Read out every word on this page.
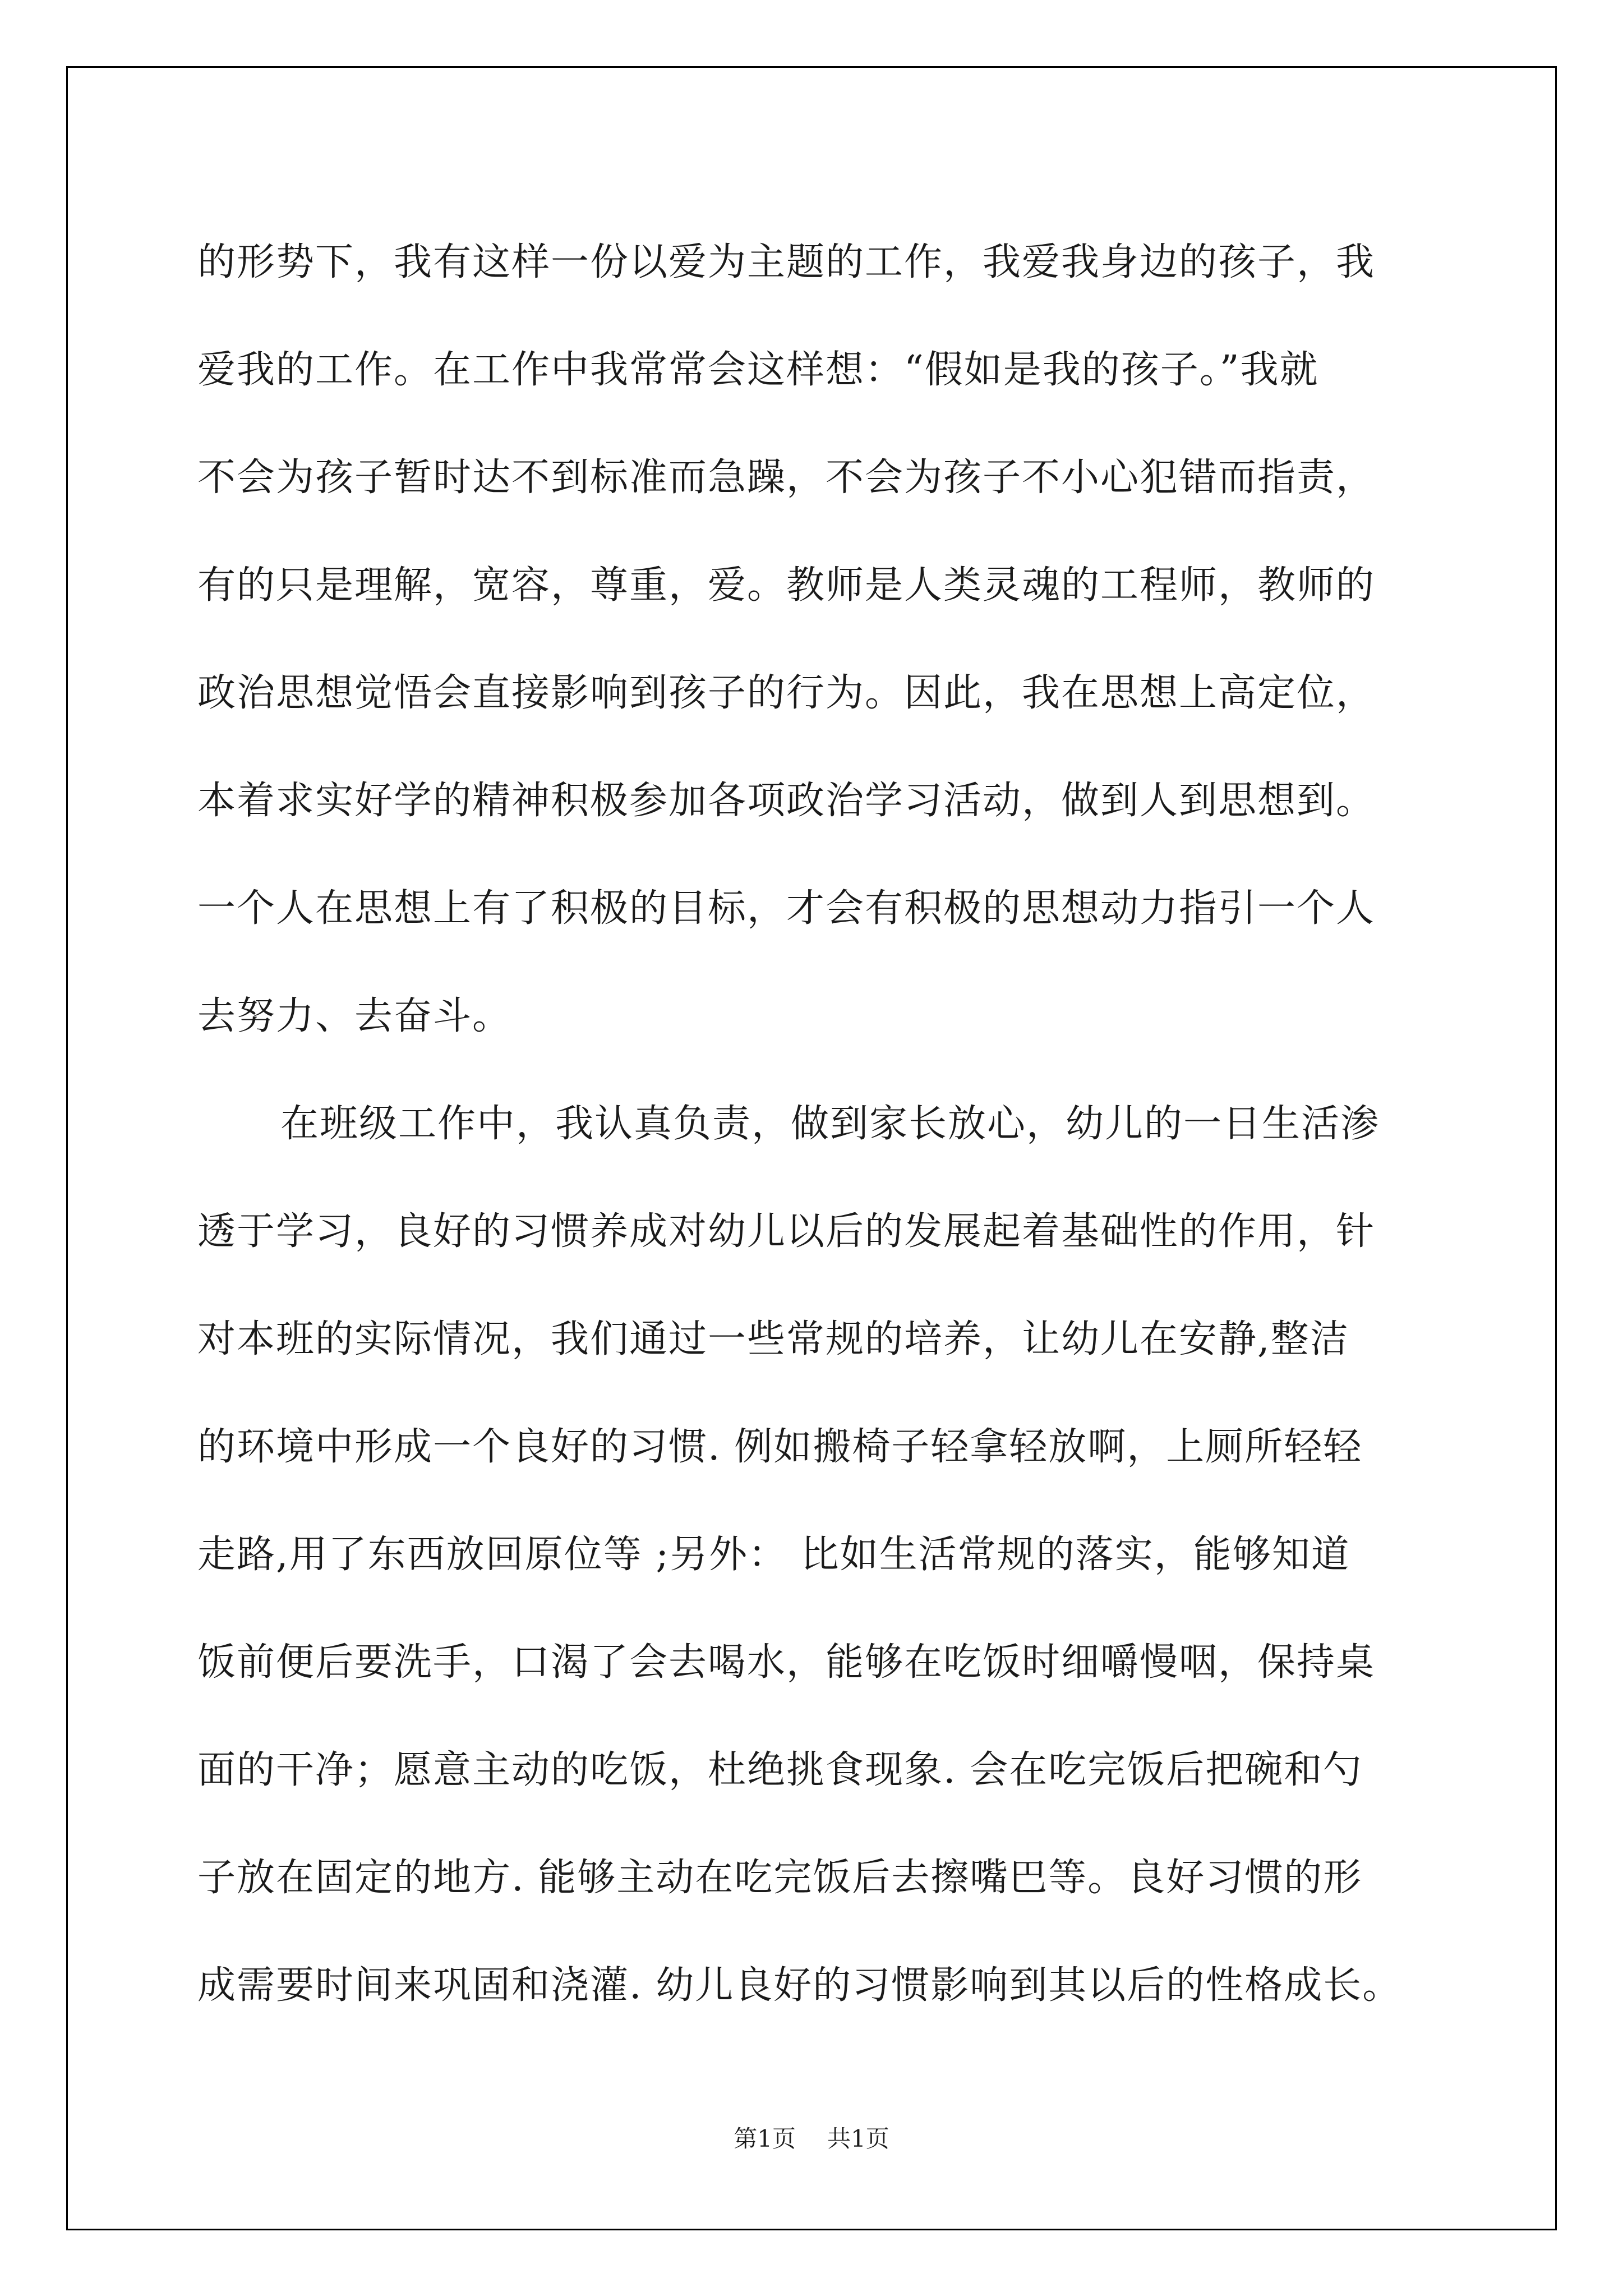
的形势下，我有这样一份以爱为主题的工作，我爱我身边的孩子，我
爱我的工作。在工作中我常常会这样想：“假如是我的孩子。”我就
不会为孩子暂时达不到标准而急躁，不会为孩子不小心犯错而指责，
有的只是理解，宽容，尊重，爱。教师是人类灵魂的工程师，教师的
政治思想觉悟会直接影响到孩子的行为。因此，我在思想上高定位，
本着求实好学的精神积极参加各项政治学习活动，做到人到思想到。
一个人在思想上有了积极的目标，才会有积极的思想动力指引一个人
去努力、去奋斗。
在班级工作中，我认真负责，做到家长放心，幼儿的一日生活渗
透于学习，良好的习惯养成对幼儿以后的发展起着基础性的作用，针
对本班的实际情况，我们通过一些常规的培养，让幼儿在安静,整洁
的环境中形成一个良好的习惯. 例如搬椅子轻拿轻放啊，上厕所轻轻
走路,用了东西放回原位等 ;另外： 比如生活常规的落实，能够知道
饭前便后要洗手，口渴了会去喝水，能够在吃饭时细嚼慢咽，保持桌
面的干净；愿意主动的吃饭，杜绝挑食现象. 会在吃完饭后把碗和勺
子放在固定的地方. 能够主动在吃完饭后去擦嘴巴等。良好习惯的形
成需要时间来巩固和浇灌. 幼儿良好的习惯影响到其以后的性格成长。
第1页 共1页
